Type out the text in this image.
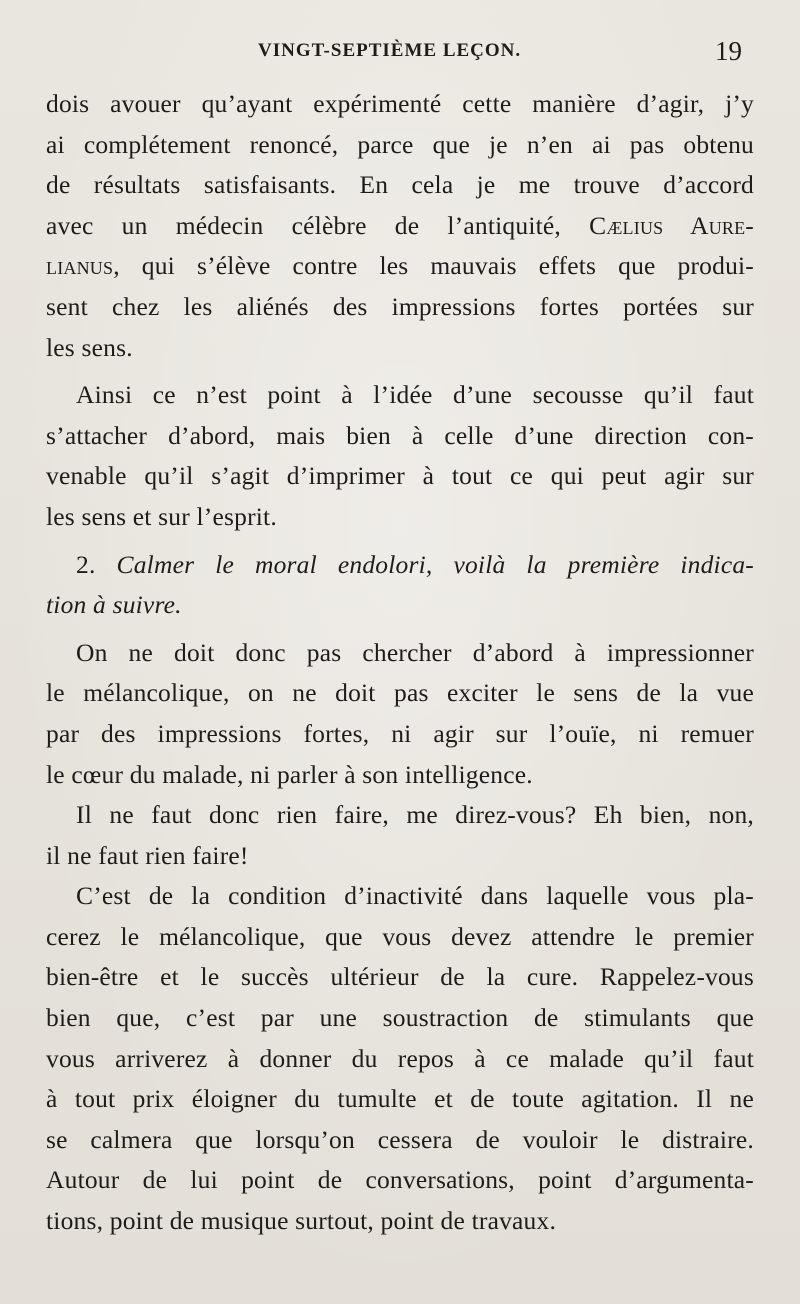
VINGT-SEPTIÈME LEÇON.	19

dois avouer qu’ayant expérimenté cette manière d’agir, j’y
ai complétement renoncé, parce que je n’en ai pas obtenu
de résultats satisfaisants. En cela je me trouve d’accord
avec un médecin célèbre de l’antiquité, Cælius Aure-
lianus, qui s’élève contre les mauvais effets que produi-
sent chez les aliénés des impressions fortes portées sur
les sens.

Ainsi ce n’est point à l’idée d’une secousse qu’il faut
s’attacher d’abord, mais bien à celle d’une direction con-
venable qu’il s’agit d’imprimer à tout ce qui peut agir sur
les sens et sur l’esprit.

2. Calmer le moral endolori, voilà la première indica-
tion à suivre.

On ne doit donc pas chercher d’abord à impressionner
le mélancolique, on ne doit pas exciter le sens de la vue
par des impressions fortes, ni agir sur l’ouïe, ni remuer
le cœur du malade, ni parler à son intelligence.

Il ne faut donc rien faire, me direz-vous? Eh bien, non,
il ne faut rien faire!

C’est de la condition d’inactivité dans laquelle vous pla-
cerez le mélancolique, que vous devez attendre le premier
bien-être et le succès ultérieur de la cure. Rappelez-vous
bien que, c’est par une soustraction de stimulants que
vous arriverez à donner du repos à ce malade qu’il faut
à tout prix éloigner du tumulte et de toute agitation. Il ne
se calmera que lorsqu’on cessera de vouloir le distraire.
Autour de lui point de conversations, point d’argumenta-
tions, point de musique surtout, point de travaux.
